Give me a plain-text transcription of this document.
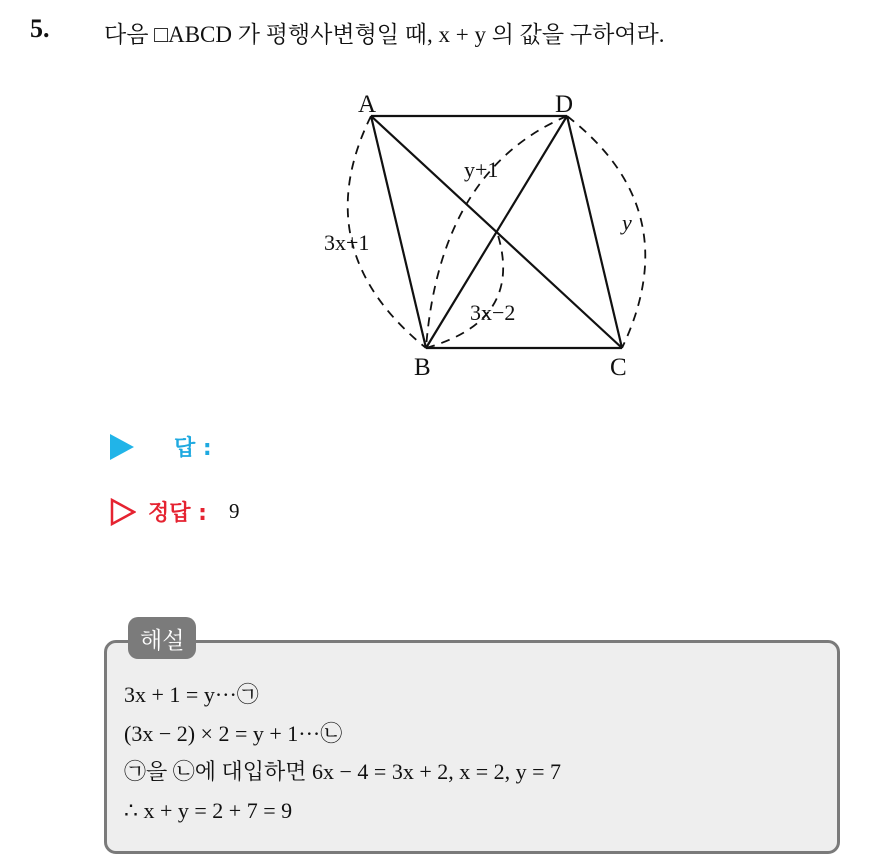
5. 다음 □ABCD 가 평행사변형일 때, x + y 의 값을 구하여라.
A
B	C
D
3x+1
y
y+1
3x−2
답 :
정답 : 9
해설
3x + 1 = y···㉠
(3x − 2) × 2 = y + 1···㉡
㉠을 ㉡에 대입하면 6x − 4 = 3x + 2, x = 2, y = 7
∴ x + y = 2 + 7 = 9
